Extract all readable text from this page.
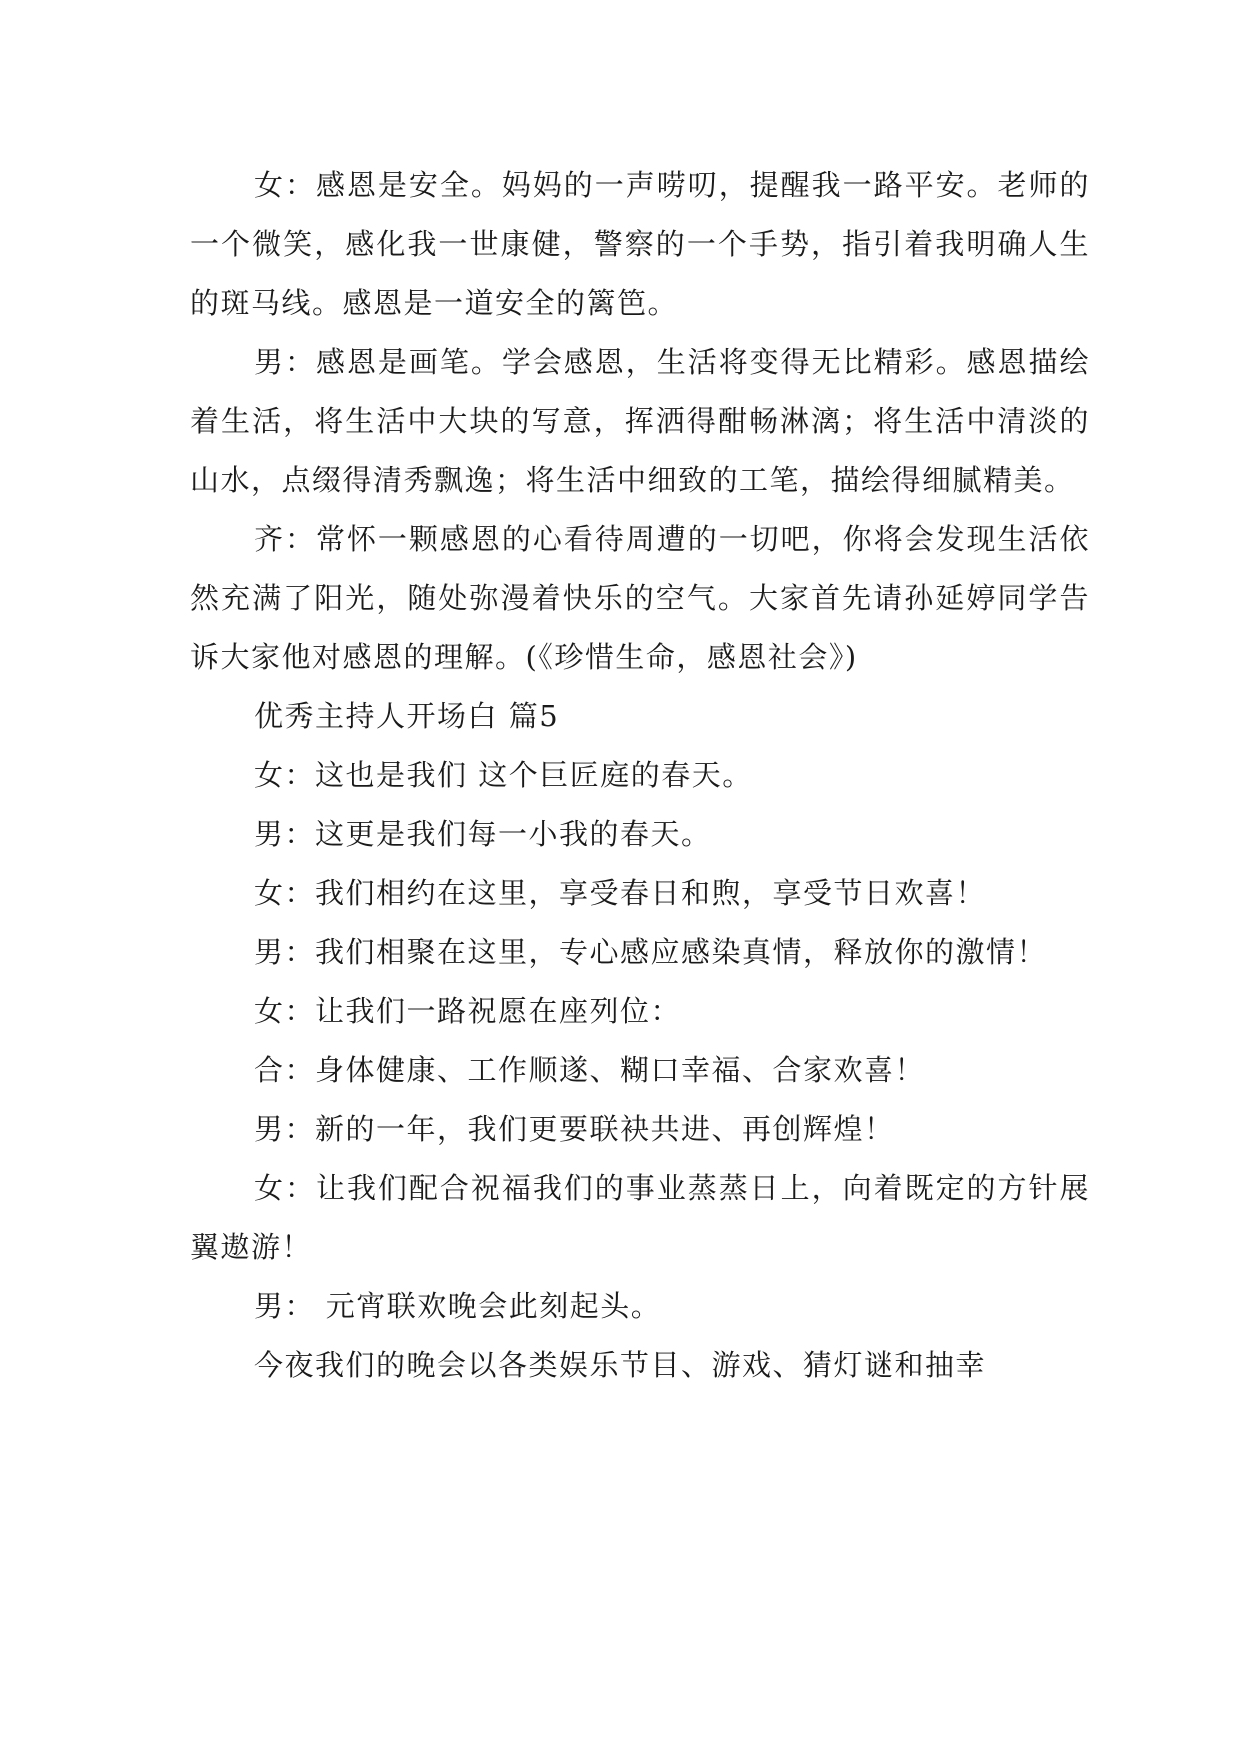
女：感恩是安全。妈妈的一声唠叨，提醒我一路平安。老师的一个微笑，感化我一世康健，警察的一个手势，指引着我明确人生的斑马线。感恩是一道安全的篱笆。

男：感恩是画笔。学会感恩，生活将变得无比精彩。感恩描绘着生活，将生活中大块的写意，挥洒得酣畅淋漓；将生活中清淡的山水，点缀得清秀飘逸；将生活中细致的工笔，描绘得细腻精美。

齐：常怀一颗感恩的心看待周遭的一切吧，你将会发现生活依然充满了阳光，随处弥漫着快乐的空气。大家首先请孙延婷同学告诉大家他对感恩的理解。(《珍惜生命，感恩社会》)

优秀主持人开场白 篇5

女：这也是我们 这个巨匠庭的春天。

男：这更是我们每一小我的春天。

女：我们相约在这里，享受春日和煦，享受节日欢喜！

男：我们相聚在这里，专心感应感染真情，释放你的激情！

女：让我们一路祝愿在座列位：

合：身体健康、工作顺遂、糊口幸福、合家欢喜！

男：新的一年，我们更要联袂共进、再创辉煌！

女：让我们配合祝福我们的事业蒸蒸日上，向着既定的方针展翼遨游！

男： 元宵联欢晚会此刻起头。

今夜我们的晚会以各类娱乐节目、游戏、猜灯谜和抽幸
